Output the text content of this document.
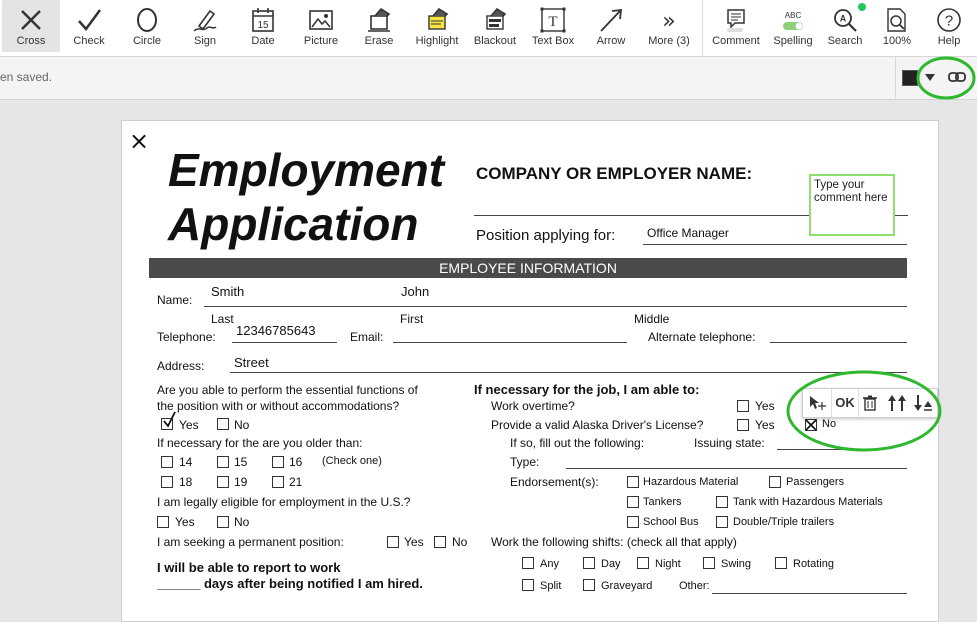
Cross	Check	Circle	Sign
15
Date	Picture Erase Highlight Blackout
T
Text Box Arrow
»
More (3) Comment
ABC
Spelling
A
Search 100%
?
Help
en saved.
×
Employment
Application
COMPANY OR EMPLOYER NAME:
Type your comment here
Position applying for:	Office Manager
EMPLOYEE INFORMATION
Name:
Smith	John
Last	First	Middle
Telephone: 12346785643	Email:	Alternate telephone:
Address: Street
Are you able to perform the essential functions of
the position with or without accommodations?
Yes	No
If necessary for the are you older than:
14	15	16 (Check one)
18	19	21
I am legally eligible for employment in the U.S.?
Yes	No
I am seeking a permanent position:	Yes No
I will be able to report to work
______ days after being notified I am hired.
If necessary for the job, I am able to:
Work overtime?	Yes
Provide a valid Alaska Driver's License?	Yes	No
If so, fill out the following:	Issuing state:
Type:
Endorsement(s):	Hazardous Material	Passengers
Tankers	Tank with Hazardous Materials
School Bus	Double/Triple trailers
Work the following shifts: (check all that apply)
Any	Day	Night	Swing	Rotating
Split	Graveyard Other:
OK
